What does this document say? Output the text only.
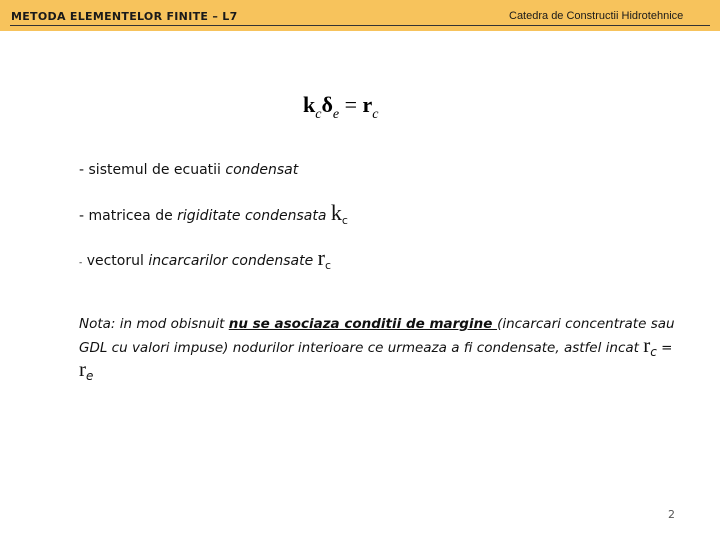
METODA ELEMENTELOR FINITE – L7	Catedra de Constructii Hidrotehnice
$k_c\delta_e = r_c$
- sistemul de ecuatii condensat
- matricea de rigiditate condensata $k_c$
- vectorul incarcarilor condensate $r_c$
Nota: in mod obisnuit nu se asociaza conditii de margine (incarcari concentrate sau GDL cu valori impuse) nodurilor interioare ce urmeaza a fi condensate, astfel incat rc = re
2
